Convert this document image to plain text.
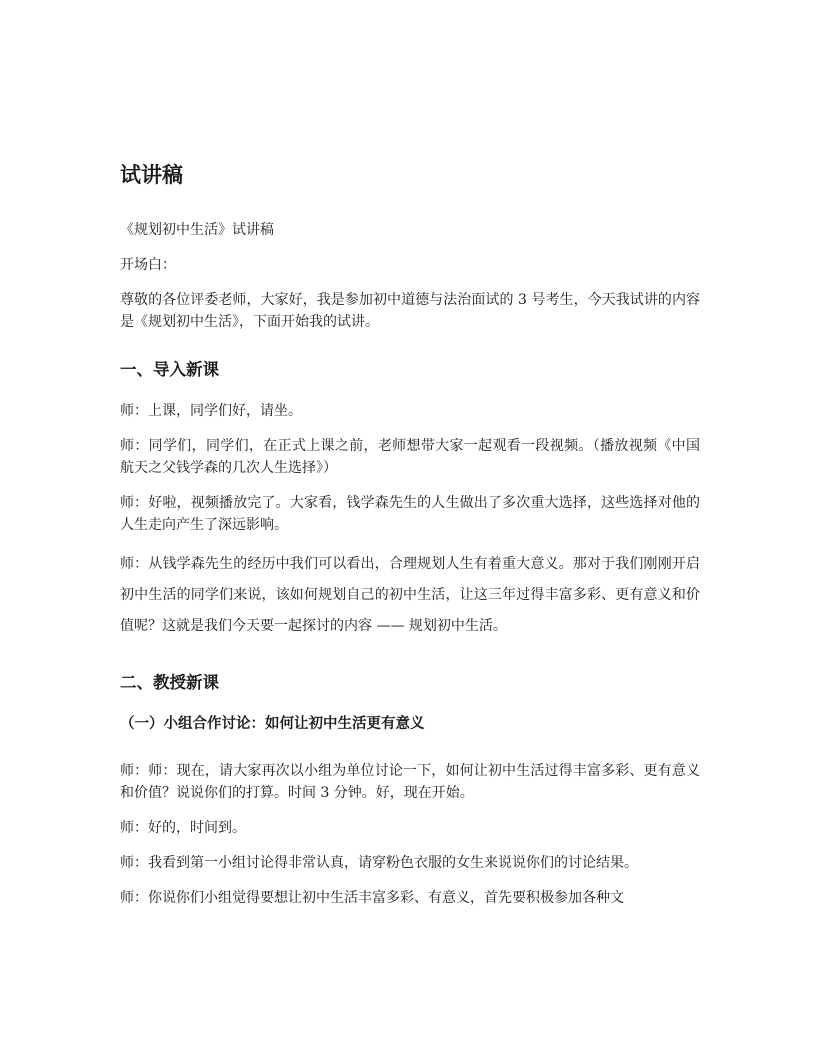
试讲稿

《规划初中生活》试讲稿

开场白：

尊敬的各位评委老师，大家好，我是参加初中道德与法治面试的 3 号考生，今天我试讲的内容是《规划初中生活》，下面开始我的试讲。

一、导入新课

师：上课，同学们好，请坐。

师：同学们，同学们，在正式上课之前，老师想带大家一起观看一段视频。（播放视频《中国航天之父钱学森的几次人生选择》）

师：好啦，视频播放完了。大家看，钱学森先生的人生做出了多次重大选择，这些选择对他的人生走向产生了深远影响。

师：从钱学森先生的经历中我们可以看出，合理规划人生有着重大意义。那对于我们刚刚开启初中生活的同学们来说，该如何规划自己的初中生活，让这三年过得丰富多彩、更有意义和价值呢？这就是我们今天要一起探讨的内容 —— 规划初中生活。

二、教授新课
（一）小组合作讨论：如何让初中生活更有意义

师：师：现在，请大家再次以小组为单位讨论一下，如何让初中生活过得丰富多彩、更有意义和价值？说说你们的打算。时间 3 分钟。好，现在开始。

师：好的，时间到。

师：我看到第一小组讨论得非常认真，请穿粉色衣服的女生来说说你们的讨论结果。

师：你说你们小组觉得要想让初中生活丰富多彩、有意义，首先要积极参加各种文
